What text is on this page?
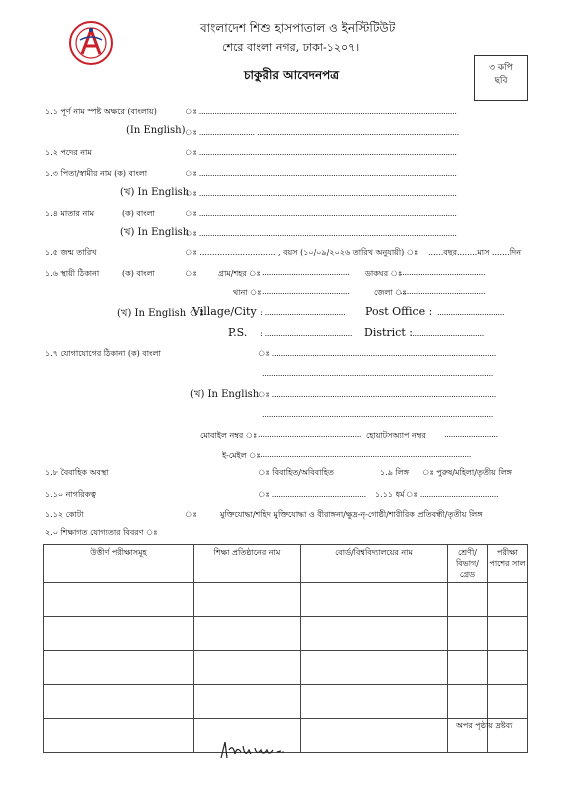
বাংলাদেশ শিশু হাসপাতাল ও ইনস্টিটিউট
শেরে বাংলা নগর, ঢাকা-১২০৭।
চাকুরীর আবেদনপত্র	৩ কপি
ছবি
১.১ পূর্ণ নাম স্পষ্ট অক্ষরে (বাংলায়)	ঃ ...................................................................................................................
(In English) ঃ ......................... ..........................................................................................
১.২ পদের নাম	ঃ ...................................................................................................................
১.৩ পিতা/স্বামীর নাম (ক) বাংলা	ঃ ...................................................................................................................
(খ) In English
ঃ ...................................................................................................................
১.৪ মাতার নাম	(ক) বাংলা	ঃ ...................................................................................................................
(খ) In English
ঃ ...................................................................................................................
১.৫ জন্ম তারিখ	ঃ .............................. , বয়স (১০/০৯/২০২৬ তারিখ অনুযায়ী) ঃ ......বছর........মাস .......দিন
১.৬ স্থায়ী ঠিকানা	(ক) বাংলা	ঃ	গ্রাম/শহর ঃ ....................................... ডাকঘর ঃ
......................................
থানা ঃ .......................................	জেলা ঃ
......................................
(খ) In English ঃ
Village/City : .................................... Post Office : ..............................
P.S. : ....................................... District :
.................................
১.৭ যোগাযোগের ঠিকানা (ক) বাংলা	ঃ ....................................................................................................
.......................................................................................................
(খ) In English
ঃ ....................................................................................................
.......................................................................................................
মোবাইল নম্বর ঃ .............................................. হোয়াটসঅ্যাপ নম্বর ........................
ই-মেইল ঃ
...............................................................................................
১.৮ বৈবাহিক অবস্থা	ঃ বিবাহিত/অবিবাহিত	১.৯ লিঙ্গ ঃ পুরুষ/মহিলা/তৃতীয় লিঙ্গ
১.১০ নাগরিকত্ব	ঃ .......................................... ১.১১ ধর্ম ঃ ...................................
১.১২ কোটা	ঃ	মুক্তিযোদ্ধা/শহিদ মুক্তিযোদ্ধা ও বীরাঙ্গনা/ক্ষুদ্র-নৃ-গোষ্ঠী/শারীরিক প্রতিবন্ধী/তৃতীয় লিঙ্গ
২.০ শিক্ষাগত যোগ্যতার বিবরণ ঃ
উত্তীর্ণ পরীক্ষাসমূহ	শিক্ষা প্রতিষ্ঠানের নাম	বোর্ড/বিশ্ববিদ্যালয়ের নাম	শ্রেণী/বিভাগ/ গ্রেড	পরীক্ষা পাশের সাল

অপর পৃষ্ঠায় দ্রষ্টব্য
